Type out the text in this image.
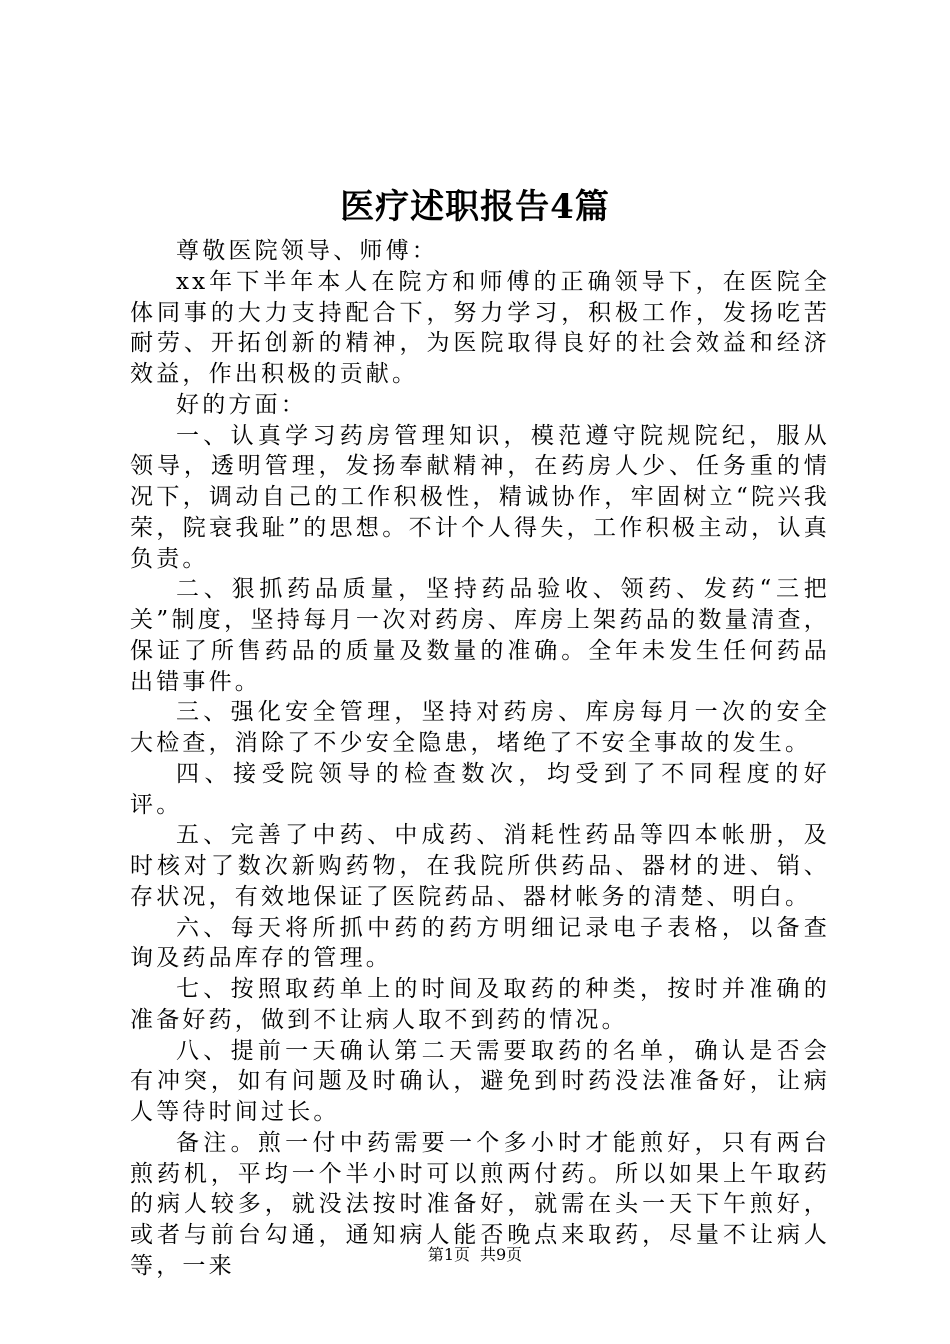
医疗述职报告4篇

尊敬医院领导、师傅：

xx年下半年本人在院方和师傅的正确领导下，在医院全体同事的大力支持配合下，努力学习，积极工作，发扬吃苦耐劳、开拓创新的精神，为医院取得良好的社会效益和经济效益，作出积极的贡献。

好的方面：

一、认真学习药房管理知识，模范遵守院规院纪，服从领导，透明管理，发扬奉献精神，在药房人少、任务重的情况下，调动自己的工作积极性，精诚协作，牢固树立“院兴我荣，院衰我耻”的思想。不计个人得失，工作积极主动，认真负责。

二、狠抓药品质量，坚持药品验收、领药、发药“三把关”制度，坚持每月一次对药房、库房上架药品的数量清查，保证了所售药品的质量及数量的准确。全年未发生任何药品出错事件。

三、强化安全管理，坚持对药房、库房每月一次的安全大检查，消除了不少安全隐患，堵绝了不安全事故的发生。

四、接受院领导的检查数次，均受到了不同程度的好评。

五、完善了中药、中成药、消耗性药品等四本帐册，及时核对了数次新购药物，在我院所供药品、器材的进、销、存状况，有效地保证了医院药品、器材帐务的清楚、明白。

六、每天将所抓中药的药方明细记录电子表格，以备查询及药品库存的管理。

七、按照取药单上的时间及取药的种类，按时并准确的准备好药，做到不让病人取不到药的情况。

八、提前一天确认第二天需要取药的名单，确认是否会有冲突，如有问题及时确认，避免到时药没法准备好，让病人等待时间过长。

备注。煎一付中药需要一个多小时才能煎好，只有两台煎药机，平均一个半小时可以煎两付药。所以如果上午取药的病人较多，就没法按时准备好，就需在头一天下午煎好，或者与前台勾通，通知病人能否晚点来取药，尽量不让病人等，一来	第1页 共9页
